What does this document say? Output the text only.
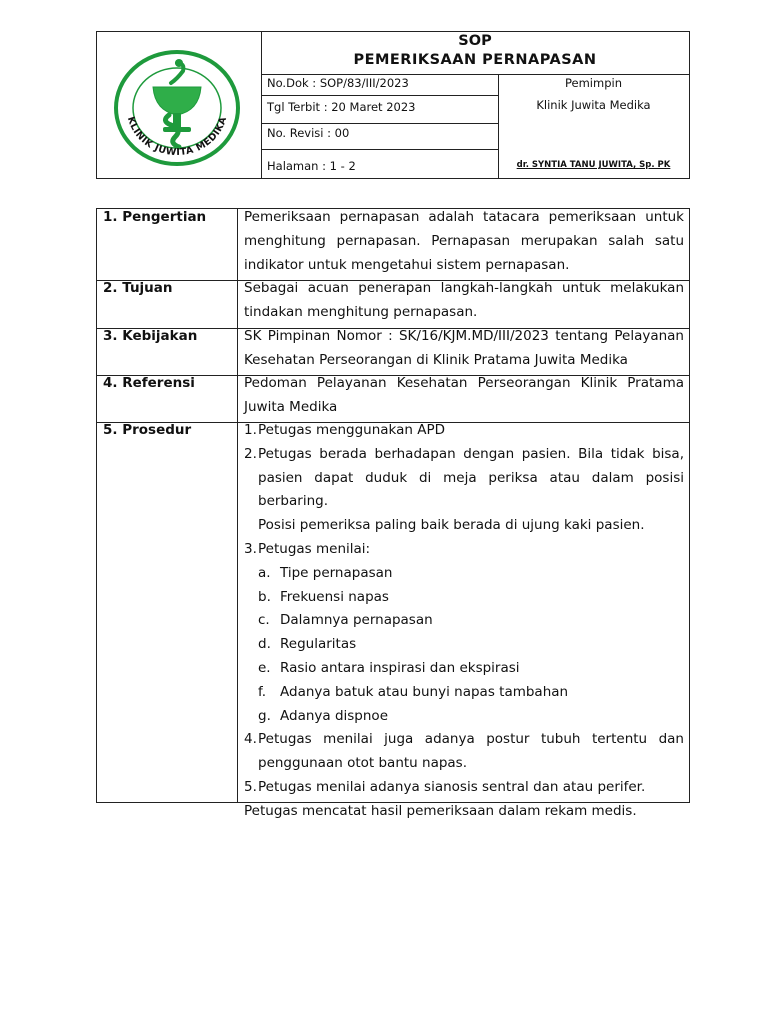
KLINIK JUWITA MEDIKA
SOP
PEMERIKSAAN PERNAPASAN
No.Dok : SOP/83/III/2023
Tgl Terbit : 20 Maret 2023
No. Revisi : 00
Halaman : 1 - 2
Pemimpin
Klinik Juwita Medika
dr. SYNTIA TANU JUWITA, Sp. PK
1. Pengertian	Pemeriksaan pernapasan adalah tatacara pemeriksaan untuk
menghitung pernapasan. Pernapasan merupakan salah satu
indikator untuk mengetahui sistem pernapasan.
2. Tujuan	Sebagai acuan penerapan langkah-langkah untuk melakukan
tindakan menghitung pernapasan.
3. Kebijakan	SK Pimpinan Nomor : SK/16/KJM.MD/III/2023 tentang Pelayanan
Kesehatan Perseorangan di Klinik Pratama Juwita Medika
4. Referensi	Pedoman Pelayanan Kesehatan Perseorangan Klinik Pratama
Juwita Medika
5. Prosedur	1.Petugas menggunakan APD
2. Petugas berada berhadapan dengan pasien. Bila tidak bisa,
pasien dapat duduk di meja periksa atau dalam posisi berbaring.
Posisi pemeriksa paling baik berada di ujung kaki pasien.
3.Petugas menilai:
a. Tipe pernapasan
b. Frekuensi napas
c. Dalamnya pernapasan
d. Regularitas
e. Rasio antara inspirasi dan ekspirasi
f. Adanya batuk atau bunyi napas tambahan
g. Adanya dispnoe
4. Petugas menilai juga adanya postur tubuh tertentu dan
penggunaan otot bantu napas.
5.Petugas menilai adanya sianosis sentral dan atau perifer.
Petugas mencatat hasil pemeriksaan dalam rekam medis.
